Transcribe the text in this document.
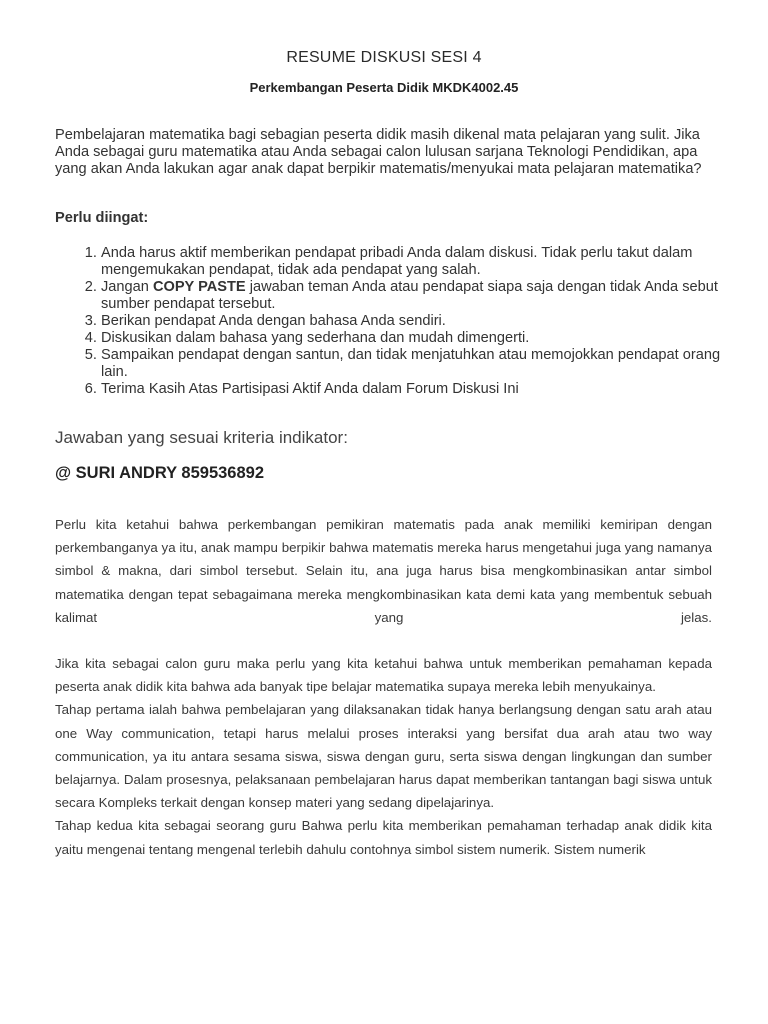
RESUME DISKUSI SESI 4
Perkembangan Peserta Didik MKDK4002.45
Pembelajaran matematika bagi sebagian peserta didik masih dikenal mata pelajaran yang sulit. Jika Anda sebagai guru matematika atau Anda sebagai calon lulusan sarjana Teknologi Pendidikan, apa yang akan Anda lakukan agar anak dapat berpikir matematis/menyukai mata pelajaran matematika?
Perlu diingat:
1. Anda harus aktif memberikan pendapat pribadi Anda dalam diskusi. Tidak perlu takut dalam mengemukakan pendapat, tidak ada pendapat yang salah.
2. Jangan COPY PASTE jawaban teman Anda atau pendapat siapa saja dengan tidak Anda sebut sumber pendapat tersebut.
3. Berikan pendapat Anda dengan bahasa Anda sendiri.
4. Diskusikan dalam bahasa yang sederhana dan mudah dimengerti.
5. Sampaikan pendapat dengan santun, dan tidak menjatuhkan atau memojokkan pendapat orang lain.
6. Terima Kasih Atas Partisipasi Aktif Anda dalam Forum Diskusi Ini
Jawaban yang sesuai kriteria indikator:
@ SURI ANDRY 859536892

Perlu kita ketahui bahwa perkembangan pemikiran matematis pada anak memiliki kemiripan dengan perkembanganya ya itu, anak mampu berpikir bahwa matematis mereka harus mengetahui juga yang namanya simbol & makna, dari simbol tersebut. Selain itu, ana juga harus bisa mengkombinasikan antar simbol matematika dengan tepat sebagaimana mereka mengkombinasikan kata demi kata yang membentuk sebuah kalimat yang jelas.

Jika kita sebagai calon guru maka perlu yang kita ketahui bahwa untuk memberikan pemahaman kepada peserta anak didik kita bahwa ada banyak tipe belajar matematika supaya mereka lebih menyukainya.

Tahap pertama ialah bahwa pembelajaran yang dilaksanakan tidak hanya berlangsung dengan satu arah atau one Way communication, tetapi harus melalui proses interaksi yang bersifat dua arah atau two way communication, ya itu antara sesama siswa, siswa dengan guru, serta siswa dengan lingkungan dan sumber belajarnya. Dalam prosesnya, pelaksanaan pembelajaran harus dapat memberikan tantangan bagi siswa untuk secara Kompleks terkait dengan konsep materi yang sedang dipelajarinya.

Tahap kedua kita sebagai seorang guru Bahwa perlu kita memberikan pemahaman terhadap anak didik kita yaitu mengenai tentang mengenal terlebih dahulu contohnya simbol sistem numerik. Sistem numerik
